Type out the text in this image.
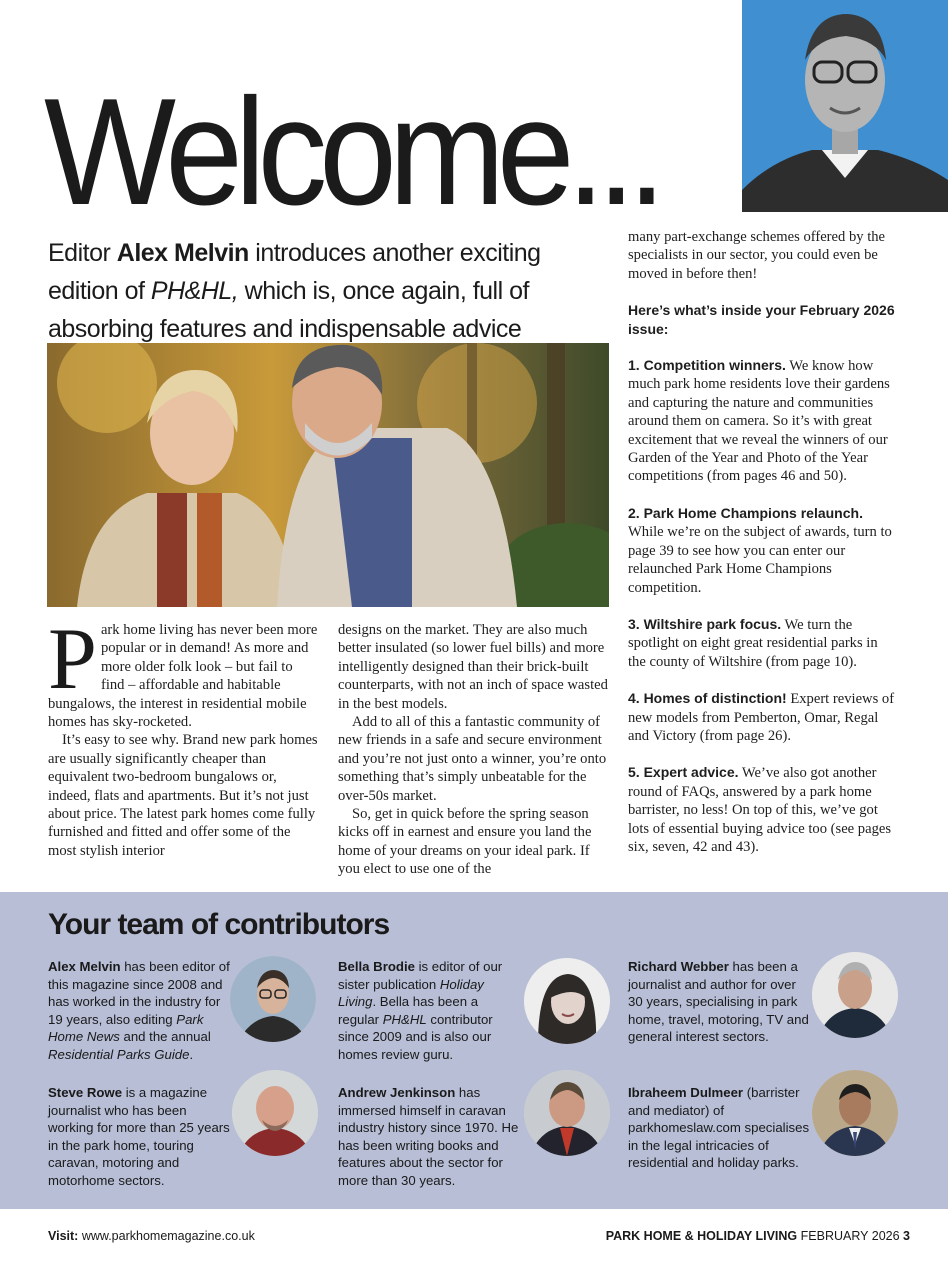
Welcome...
Editor Alex Melvin introduces another exciting edition of PH&HL, which is, once again, full of absorbing features and indispensable advice

Park home living has never been more popular or in demand! As more and more older folk look – but fail to find – affordable and habitable bungalows, the interest in residential mobile homes has sky-rocketed.

It’s easy to see why. Brand new park homes are usually significantly cheaper than equivalent two-bedroom bungalows or, indeed, flats and apartments. But it’s not just about price. The latest park homes come fully furnished and fitted and offer some of the most stylish interior

designs on the market. They are also much better insulated (so lower fuel bills) and more intelligently designed than their brick-built counterparts, with not an inch of space wasted in the best models.

Add to all of this a fantastic community of new friends in a safe and secure environment and you’re not just onto a winner, you’re onto something that’s simply unbeatable for the over-50s market.

So, get in quick before the spring season kicks off in earnest and ensure you land the home of your dreams on your ideal park. If you elect to use one of the

many part-exchange schemes offered by the specialists in our sector, you could even be moved in before then!

Here’s what’s inside your February 2026 issue:

1. Competition winners. We know how much park home residents love their gardens and capturing the nature and communities around them on camera. So it’s with great excitement that we reveal the winners of our Garden of the Year and Photo of the Year competitions (from pages 46 and 50).

2. Park Home Champions relaunch. While we’re on the subject of awards, turn to page 39 to see how you can enter our relaunched Park Home Champions competition.

3. Wiltshire park focus. We turn the spotlight on eight great residential parks in the county of Wiltshire (from page 10).

4. Homes of distinction! Expert reviews of new models from Pemberton, Omar, Regal and Victory (from page 26).

5. Expert advice. We’ve also got another round of FAQs, answered by a park home barrister, no less! On top of this, we’ve got lots of essential buying advice too (see pages six, seven, 42 and 43).

Your team of contributors
Alex Melvin has been editor of this magazine since 2008 and has worked in the industry for 19 years, also editing Park Home News and the annual Residential Parks Guide.
Bella Brodie is editor of our sister publication Holiday Living. Bella has been a regular PH&HL contributor since 2009 and is also our homes review guru.
Richard Webber has been a journalist and author for over 30 years, specialising in park home, travel, motoring, TV and general interest sectors.
Steve Rowe is a magazine journalist who has been working for more than 25 years in the park home, touring caravan, motoring and motorhome sectors.
Andrew Jenkinson has immersed himself in caravan industry history since 1970. He has been writing books and features about the sector for more than 30 years.
Ibraheem Dulmeer (barrister and mediator) of parkhomeslaw.com specialises in the legal intricacies of residential and holiday parks.
Visit: www.parkhomemagazine.co.uk	PARK HOME & HOLIDAY LIVING FEBRUARY 2026 3
